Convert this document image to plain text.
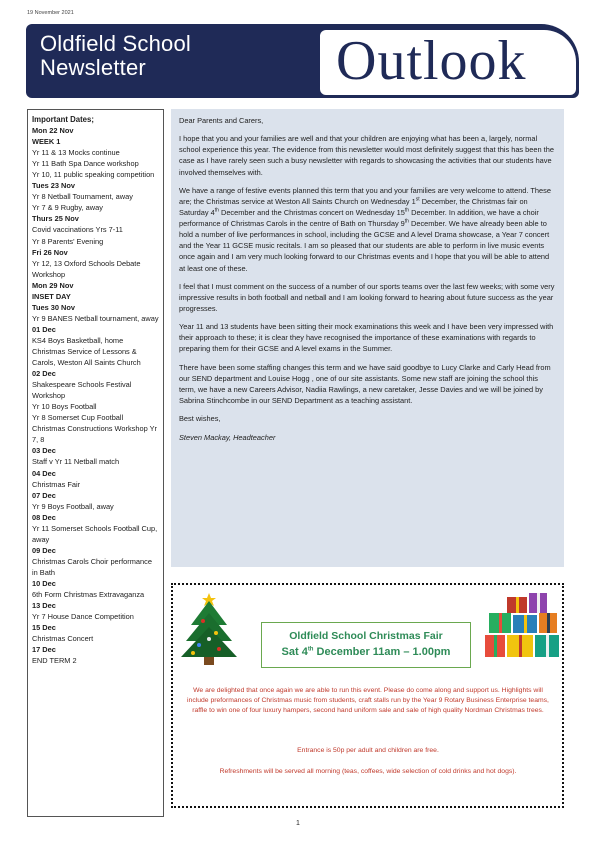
19 November 2021
Oldfield School
Newsletter	Outlook
Important Dates;
Mon 22 Nov
WEEK 1
Yr 11 & 13 Mocks continue
Yr 11 Bath Spa Dance workshop
Yr 10, 11 public speaking competition
Tues 23 Nov
Yr 8 Netball Tournament, away
Yr 7 & 9 Rugby, away
Thurs 25 Nov
Covid vaccinations Yrs 7-11
Yr 8 Parents' Evening
Fri 26 Nov
Yr 12, 13 Oxford Schools Debate Workshop
Mon 29 Nov
INSET DAY
Tues 30 Nov
Yr 9 BANES Netball tournament, away
01 Dec
KS4 Boys Basketball, home
Christmas Service of Lessons & Carols, Weston All Saints Church
02 Dec
Shakespeare Schools Festival Workshop
Yr 10 Boys Football
Yr 8 Somerset Cup Football
Christmas Constructions Workshop Yr 7, 8
03 Dec
Staff v Yr 11 Netball match
04 Dec
Christmas Fair
07 Dec
Yr 9 Boys Football, away
08 Dec
Yr 11 Somerset Schools Football Cup, away
09 Dec
Christmas Carols Choir performance in Bath
10 Dec
6th Form Christmas Extravaganza
13 Dec
Yr 7 House Dance Competition
15 Dec
Christmas Concert
17 Dec
END TERM 2

Dear Parents and Carers,

I hope that you and your families are well and that your children are enjoying what has been a, largely, normal school experience this year. The evidence from this newsletter would most definitely suggest that this has been the case as I have rarely seen such a busy newsletter with regards to showcasing the activities that our students have involved themselves with.

We have a range of festive events planned this term that you and your families are very welcome to attend. These are; the Christmas service at Weston All Saints Church on Wednesday 1st December, the Christmas fair on Saturday 4th December and the Christmas concert on Wednesday 15th December. In addition, we have a choir performance of Christmas Carols in the centre of Bath on Thursday 9th December. We have already been able to hold a number of live performances in school, including the GCSE and A level Drama showcase, a Year 7 concert and the Year 11 GCSE music recitals. I am so pleased that our students are able to perform in live music events once again and I am very much looking forward to our Christmas events and I hope that you will be able to attend at least one of these.

I feel that I must comment on the success of a number of our sports teams over the last few weeks; with some very impressive results in both football and netball and I am looking forward to hearing about future success as the year progresses.

Year 11 and 13 students have been sitting their mock examinations this week and I have been very impressed with their approach to these; it is clear they have recognised the importance of these examinations with regards to preparing them for their GCSE and A level exams in the Summer.

There have been some staffing changes this term and we have said goodbye to Lucy Clarke and Carly Head from our SEND department and Louise Hogg , one of our site assistants. Some new staff are joining the school this term, we have a new Careers Advisor, Nadiia Rawlings, a new caretaker, Jesse Davies and we will be joined by Sabrina Stinchcombe in our SEND Department as a teaching assistant.

Best wishes,

Steven Mackay, Headteacher

Oldfield School Christmas Fair
Sat 4th December 11am – 1.00pm
We are delighted that once again we are able to run this event. Please do come along and support us. Highlights will include preformances of Christmas music from students, craft stalls run by the Year 9 Rotary Business Enterprise teams, raffle to win one of four luxury hampers, second hand uniform sale and sale of high quality Nordman Christmas trees.
Entrance is 50p per adult and children are free.
Refreshments will be served all morning (teas, coffees, wide selection of cold drinks and hot dogs).
1
